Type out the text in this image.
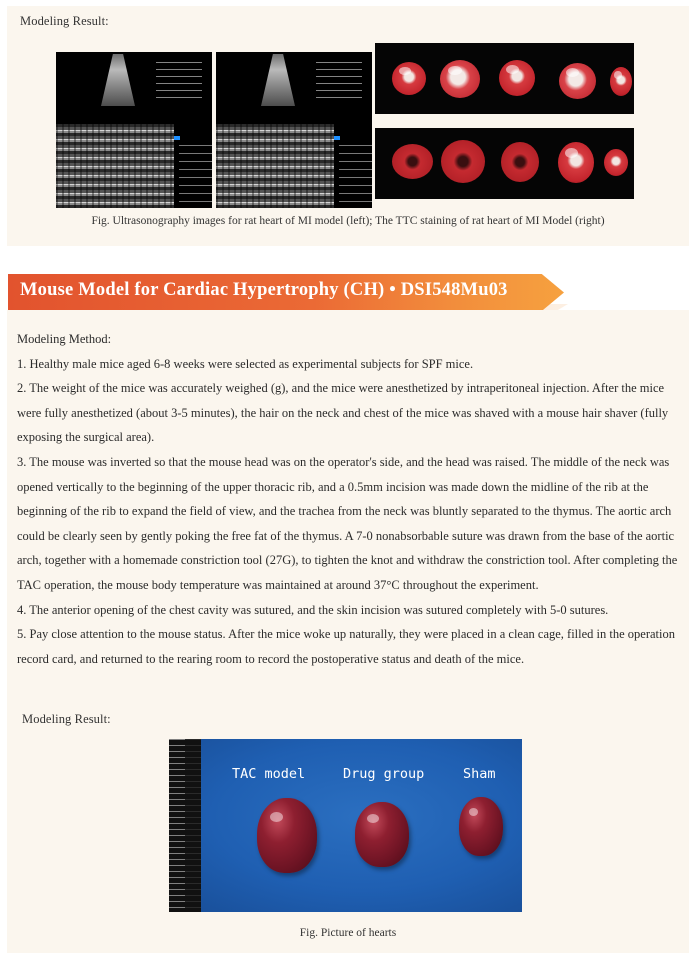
Modeling Result:
Fig. Ultrasonography images for rat heart of MI model (left); The TTC staining of rat heart of MI Model (right)
Mouse Model for Cardiac Hypertrophy (CH) • DSI548Mu03

Modeling Method:

1. Healthy male mice aged 6-8 weeks were selected as experimental subjects for SPF mice.

2. The weight of the mice was accurately weighed (g), and the mice were anesthetized by intraperitoneal injection. After the mice were fully anesthetized (about 3-5 minutes), the hair on the neck and chest of the mice was shaved with a mouse hair shaver (fully exposing the surgical area).

3. The mouse was inverted so that the mouse head was on the operator's side, and the head was raised. The middle of the neck was opened vertically to the beginning of the upper thoracic rib, and a 0.5mm incision was made down the midline of the rib at the beginning of the rib to expand the field of view, and the trachea from the neck was bluntly separated to the thymus. The aortic arch could be clearly seen by gently poking the free fat of the thymus. A 7-0 nonabsorbable suture was drawn from the base of the aortic arch, together with a homemade constriction tool (27G), to tighten the knot and withdraw the constriction tool. After completing the TAC operation, the mouse body temperature was maintained at around 37°C throughout the experiment.

4. The anterior opening of the chest cavity was sutured, and the skin incision was sutured completely with 5-0 sutures.

5. Pay close attention to the mouse status. After the mice woke up naturally, they were placed in a clean cage, filled in the operation record card, and returned to the rearing room to record the postoperative status and death of the mice.

Modeling Result:
TAC model	Drug group	Sham
Fig. Picture of hearts
